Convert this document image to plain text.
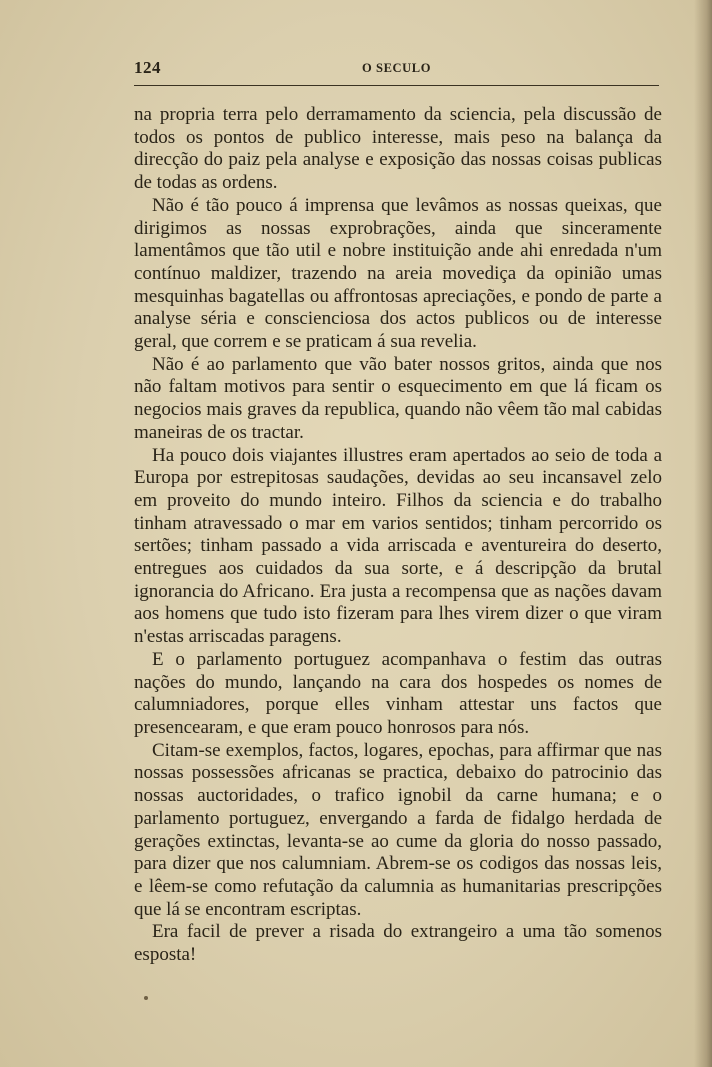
124	O SECULO

na propria terra pelo derramamento da sciencia, pela discussão de todos os pontos de publico interesse, mais peso na balança da direcção do paiz pela analyse e exposição das nossas coisas publicas de todas as ordens.

Não é tão pouco á imprensa que levâmos as nossas queixas, que dirigimos as nossas exprobrações, ainda que sinceramente lamentâmos que tão util e nobre instituição ande ahi enredada n'um contínuo maldizer, trazendo na areia movediça da opinião umas mesquinhas bagatellas ou affrontosas apreciações, e pondo de parte a analyse séria e conscienciosa dos actos publicos ou de interesse geral, que correm e se praticam á sua revelia.

Não é ao parlamento que vão bater nossos gritos, ainda que nos não faltam motivos para sentir o esquecimento em que lá ficam os negocios mais graves da republica, quando não vêem tão mal cabidas maneiras de os tractar.

Ha pouco dois viajantes illustres eram apertados ao seio de toda a Europa por estrepitosas saudações, devidas ao seu incansavel zelo em proveito do mundo inteiro. Filhos da sciencia e do trabalho tinham atravessado o mar em varios sentidos; tinham percorrido os sertões; tinham passado a vida arriscada e aventureira do deserto, entregues aos cuidados da sua sorte, e á descripção da brutal ignorancia do Africano. Era justa a recompensa que as nações davam aos homens que tudo isto fizeram para lhes virem dizer o que viram n'estas arriscadas paragens.

E o parlamento portuguez acompanhava o festim das outras nações do mundo, lançando na cara dos hospedes os nomes de calumniadores, porque elles vinham attestar uns factos que presencearam, e que eram pouco honrosos para nós.

Citam-se exemplos, factos, logares, epochas, para affirmar que nas nossas possessões africanas se practica, debaixo do patrocinio das nossas auctoridades, o trafico ignobil da carne humana; e o parlamento portuguez, envergando a farda de fidalgo herdada de gerações extinctas, levanta-se ao cume da gloria do nosso passado, para dizer que nos calumniam. Abrem-se os codigos das nossas leis, e lêem-se como refutação da calumnia as humanitarias prescripções que lá se encontram escriptas.

Era facil de prever a risada do extrangeiro a uma tão somenos esposta!
